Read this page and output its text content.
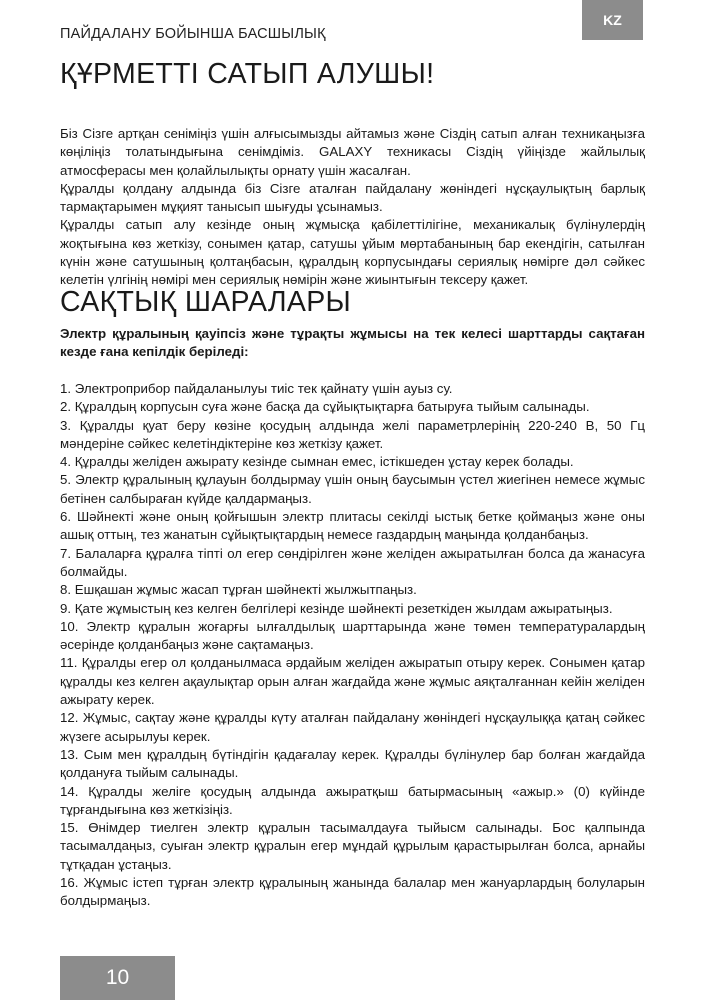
ПАЙДАЛАНУ БОЙЫНША БАСШЫЛЫҚ
KZ
ҚҰРМЕТТІ САТЫП АЛУШЫ!

Біз Сізге артқан сеніміңіз үшін алғысымызды айтамыз және Сіздің сатып алған техникаңызға көңіліңіз толатындығына сенімдіміз. GALAXY техникасы Сіздің үйіңізде жайлылық атмосферасы мен қолайлылықты орнату үшін жасалған.

Құралды қолдану алдында біз Сізге аталған пайдалану жөніндегі нұсқаулықтың барлық тармақтарымен мұқият танысып шығуды ұсынамыз.

Құралды сатып алу кезінде оның жұмысқа қабілеттілігіне, механикалық бүлінулердің жоқтығына көз жеткізу, сонымен қатар, сатушы ұйым мөртабанының бар екендігін, сатылған күнін және сатушының қолтаңбасын, құралдың корпусындағы сериялық нөмірге дәл сәйкес келетін үлгінің нөмірі мен сериялық нөмірін және жиынтығын тексеру қажет.

САҚТЫҚ ШАРАЛАРЫ

Электр құралының қауіпсіз және тұрақты жұмысы на тек келесі шарттарды сақтаған кезде ғана кепілдік беріледі:

1. Электроприбор пайдаланылуы тиіс тек қайнату үшін ауыз су.
2. Құралдың корпусын суға және басқа да сұйықтықтарға батыруға тыйым салынады.
3. Құралды қуат беру көзіне қосудың алдында желі параметрлерінің 220-240 В, 50 Гц мәндеріне сәйкес келетіндіктеріне көз жеткізу қажет.
4. Құралды желіден ажырату кезінде сымнан емес, істікшеден ұстау керек болады.
5. Электр құралының құлауын болдырмау үшін оның баусымын үстел жиегінен немесе жұмыс бетінен салбыраған күйде қалдармаңыз.
6. Шәйнекті және оның қойғышын электр плитасы секілді ыстық бетке қоймаңыз және оны ашық оттың, тез жанатын сұйықтықтардың немесе газдардың маңында қолданбаңыз.
7. Балаларға құралға тіпті ол егер сөндірілген және желіден ажыратылған болса да жанасуға болмайды.
8. Ешқашан жұмыс жасап тұрған шәйнекті жылжытпаңыз.
9. Қате жұмыстың кез келген белгілері кезінде шәйнекті резеткіден жылдам ажыратыңыз.
10. Электр құралын жоғарғы ылғалдылық шарттарында және төмен температуралардың әсерінде қолданбаңыз және сақтамаңыз.
11. Құралды егер ол қолданылмаса әрдайым желіден ажыратып отыру керек. Сонымен қатар құралды кез келген ақаулықтар орын алған жағдайда және жұмыс аяқталғаннан кейін желіден ажырату керек.
12. Жұмыс, сақтау және құралды күту аталған пайдалану жөніндегі нұсқаулыққа қатаң сәйкес жүзеге асырылуы керек.
13. Сым мен құралдың бүтіндігін қадағалау керек. Құралды бүлінулер бар болған жағдайда қолдануға тыйым салынады.
14. Құралды желіге қосудың алдында ажыратқыш батырмасының «ажыр.» (0) күйінде тұрғандығына көз жеткізіңіз.
15. Өнімдер тиелген электр құралын тасымалдауға тыйысм салынады. Бос қалпында тасымалдаңыз, суыған электр құралын егер мұндай құрылым қарастырылған болса, арнайы тұтқадан ұстаңыз.
16. Жұмыс істеп тұрған электр құралының жанында балалар мен жануарлардың болуларын болдырмаңыз.
10
